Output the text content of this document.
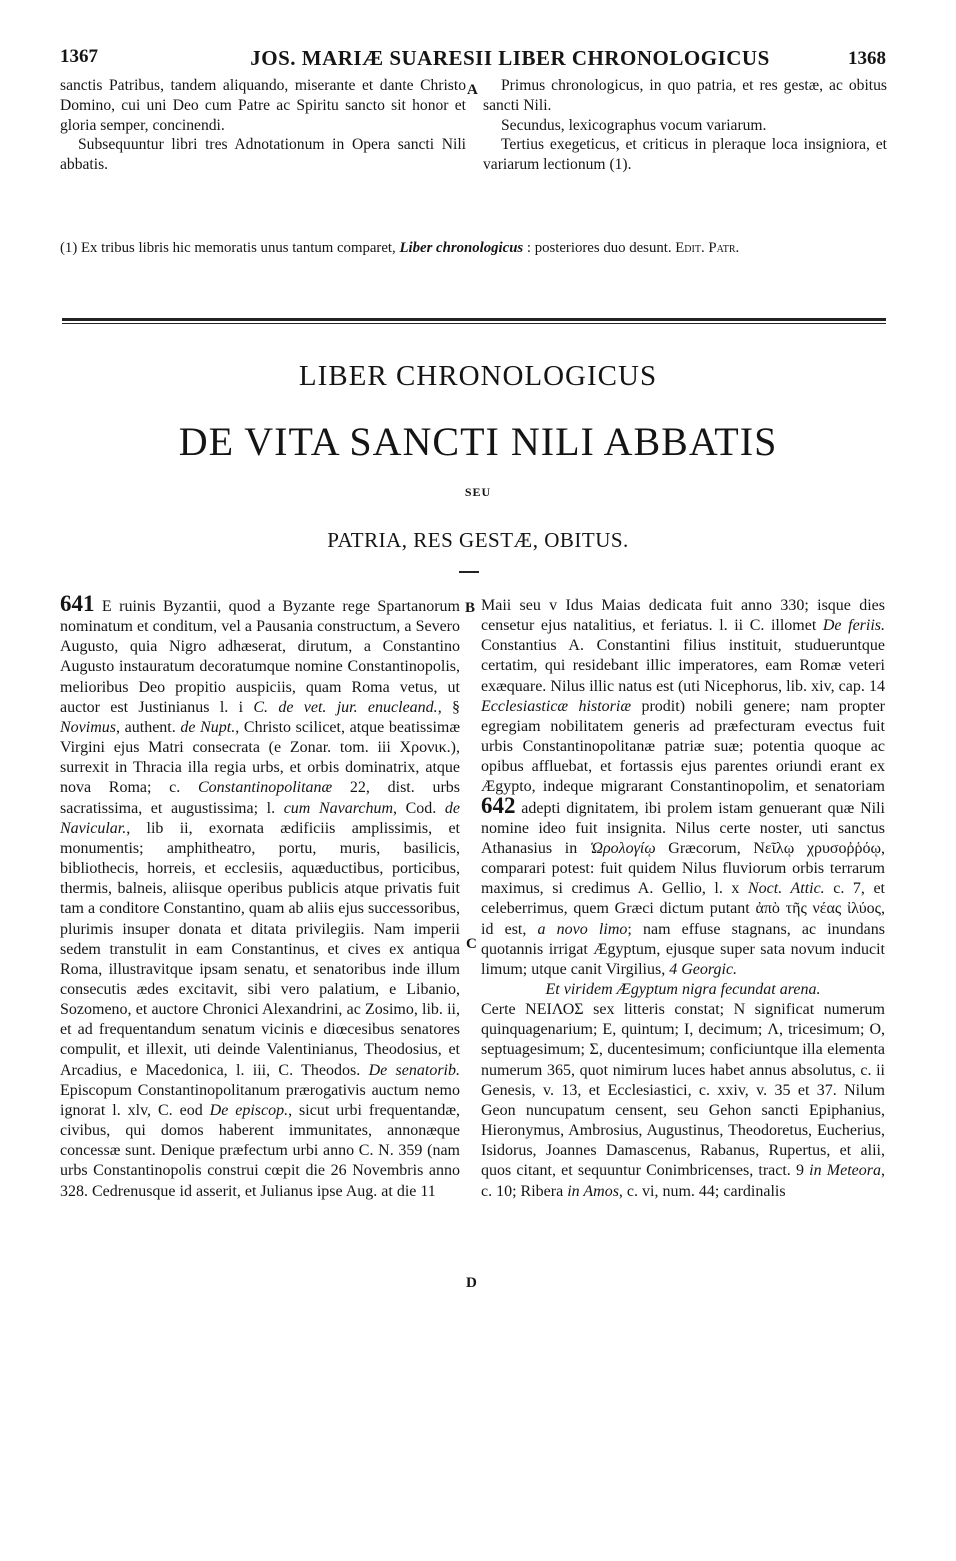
1367	JOS. MARIÆ SUARESII LIBER CHRONOLOGICUS	1368

sanctis Patribus, tandem aliquando, miserante et dante Christo Domino, cui uni Deo cum Patre ac Spiritu sancto sit honor et gloria semper, concinendi.

Subsequuntur libri tres Adnotationum in Opera sancti Nili abbatis.

A	Primus chronologicus, in quo patria, et res gestæ, ac obitus sancti Nili.

Secundus, lexicographus vocum variarum.

Tertius exegeticus, et criticus in pleraque loca insigniora, et variarum lectionum (1).

(1) Ex tribus libris hic memoratis unus tantum comparet, Liber chronologicus : posteriores duo desunt. Edit. Patr.
LIBER CHRONOLOGICUS
DE VITA SANCTI NILI ABBATIS
SEU
PATRIA, RES GESTÆ, OBITUS.
641 E ruinis Byzantii, quod a Byzante rege Spartanorum nominatum et conditum, vel a Pausania constructum, a Severo Augusto, quia Nigro adhæserat, dirutum, a Constantino Augusto instauratum decoratumque nomine Constantinopolis, melioribus Deo propitio auspiciis, quam Roma vetus, ut auctor est Justinianus l. i C. de vet. jur. enucleand., § Novimus, authent. de Nupt., Christo scilicet, atque beatissimæ Virgini ejus Matri consecrata (e Zonar. tom. iii Χρονικ.), surrexit in Thracia illa regia urbs, et orbis dominatrix, atque nova Roma; c. Constantinopolitanæ 22, dist. urbs sacratissima, et augustissima; l. cum Navarchum, Cod. de Navicular., lib ii, exornata ædificiis amplissimis, et monumentis; amphitheatro, portu, muris, basilicis, bibliothecis, horreis, et ecclesiis, aquæductibus, porticibus, thermis, balneis, aliisque operibus publicis atque privatis fuit tam a conditore Constantino, quam ab aliis ejus successoribus, plurimis insuper donata et ditata privilegiis. Nam imperii sedem transtulit in eam Constantinus, et cives ex antiqua Roma, illustravitque ipsam senatu, et senatoribus inde illum consecutis ædes excitavit, sibi vero palatium, e Libanio, Sozomeno, et auctore Chronici Alexandrini, ac Zosimo, lib. ii, et ad frequentandum senatum vicinis e diœcesibus senatores compulit, et illexit, uti deinde Valentinianus, Theodosius, et Arcadius, e Macedonica, l. iii, C. Theodos. De senatorib. Episcopum Constantinopolitanum prærogativis auctum nemo ignorat l. xlv, C. eod De episcop., sicut urbi frequentandæ, civibus, qui domos haberent immunitates, annonæque concessæ sunt. Denique præfectum urbi anno C. N. 359 (nam urbs Constantinopolis construi cœpit die 26 Novembris anno 328. Cedrenusque id asserit, et Julianus ipse Aug. at die 11
B
C
D
Maii seu v Idus Maias dedicata fuit anno 330; isque dies censetur ejus natalitius, et feriatus. l. ii C. illomet De feriis. Constantius A. Constantini filius instituit, studueruntque certatim, qui residebant illic imperatores, eam Romæ veteri exæquare. Nilus illic natus est (uti Nicephorus, lib. xiv, cap. 14 Ecclesiasticæ historiæ prodit) nobili genere; nam propter egregiam nobilitatem generis ad præfecturam evectus fuit urbis Constantinopolitanæ patriæ suæ; potentia quoque ac opibus affluebat, et fortassis ejus parentes oriundi erant ex Ægypto, indeque migrarant Constantinopolim, et senatoriam 642 adepti dignitatem, ibi prolem istam genuerant quæ Nili nomine ideo fuit insignita. Nilus certe noster, uti sanctus Athanasius in Ὡρολογίῳ Græcorum, Νεῖλῳ χρυσοῤῥόῳ, comparari potest: fuit quidem Nilus fluviorum orbis terrarum maximus, si credimus A. Gellio, l. x Noct. Attic. c. 7, et celeberrimus, quem Græci dictum putant ἀπὸ τῆς νέας ἰλύος, id est, a novo limo; nam effuse stagnans, ac inundans quotannis irrigat Ægyptum, ejusque super sata novum inducit limum; utque canit Virgilius, 4 Georgic.
Et viridem Ægyptum nigra fecundat arena.
Certe ΝΕΙΛΟΣ sex litteris constat; N significat numerum quinquagenarium; E, quintum; I, decimum; Λ, tricesimum; O, septuagesimum; Σ, ducentesimum; conficiuntque illa elementa numerum 365, quot nimirum luces habet annus absolutus, c. ii Genesis, v. 13, et Ecclesiastici, c. xxiv, v. 35 et 37. Nilum Geon nuncupatum censent, seu Gehon sancti Epiphanius, Hieronymus, Ambrosius, Augustinus, Theodoretus, Eucherius, Isidorus, Joannes Damascenus, Rabanus, Rupertus, et alii, quos citant, et sequuntur Conimbricenses, tract. 9 in Meteora, c. 10; Ribera in Amos, c. vi, num. 44; cardinalis
